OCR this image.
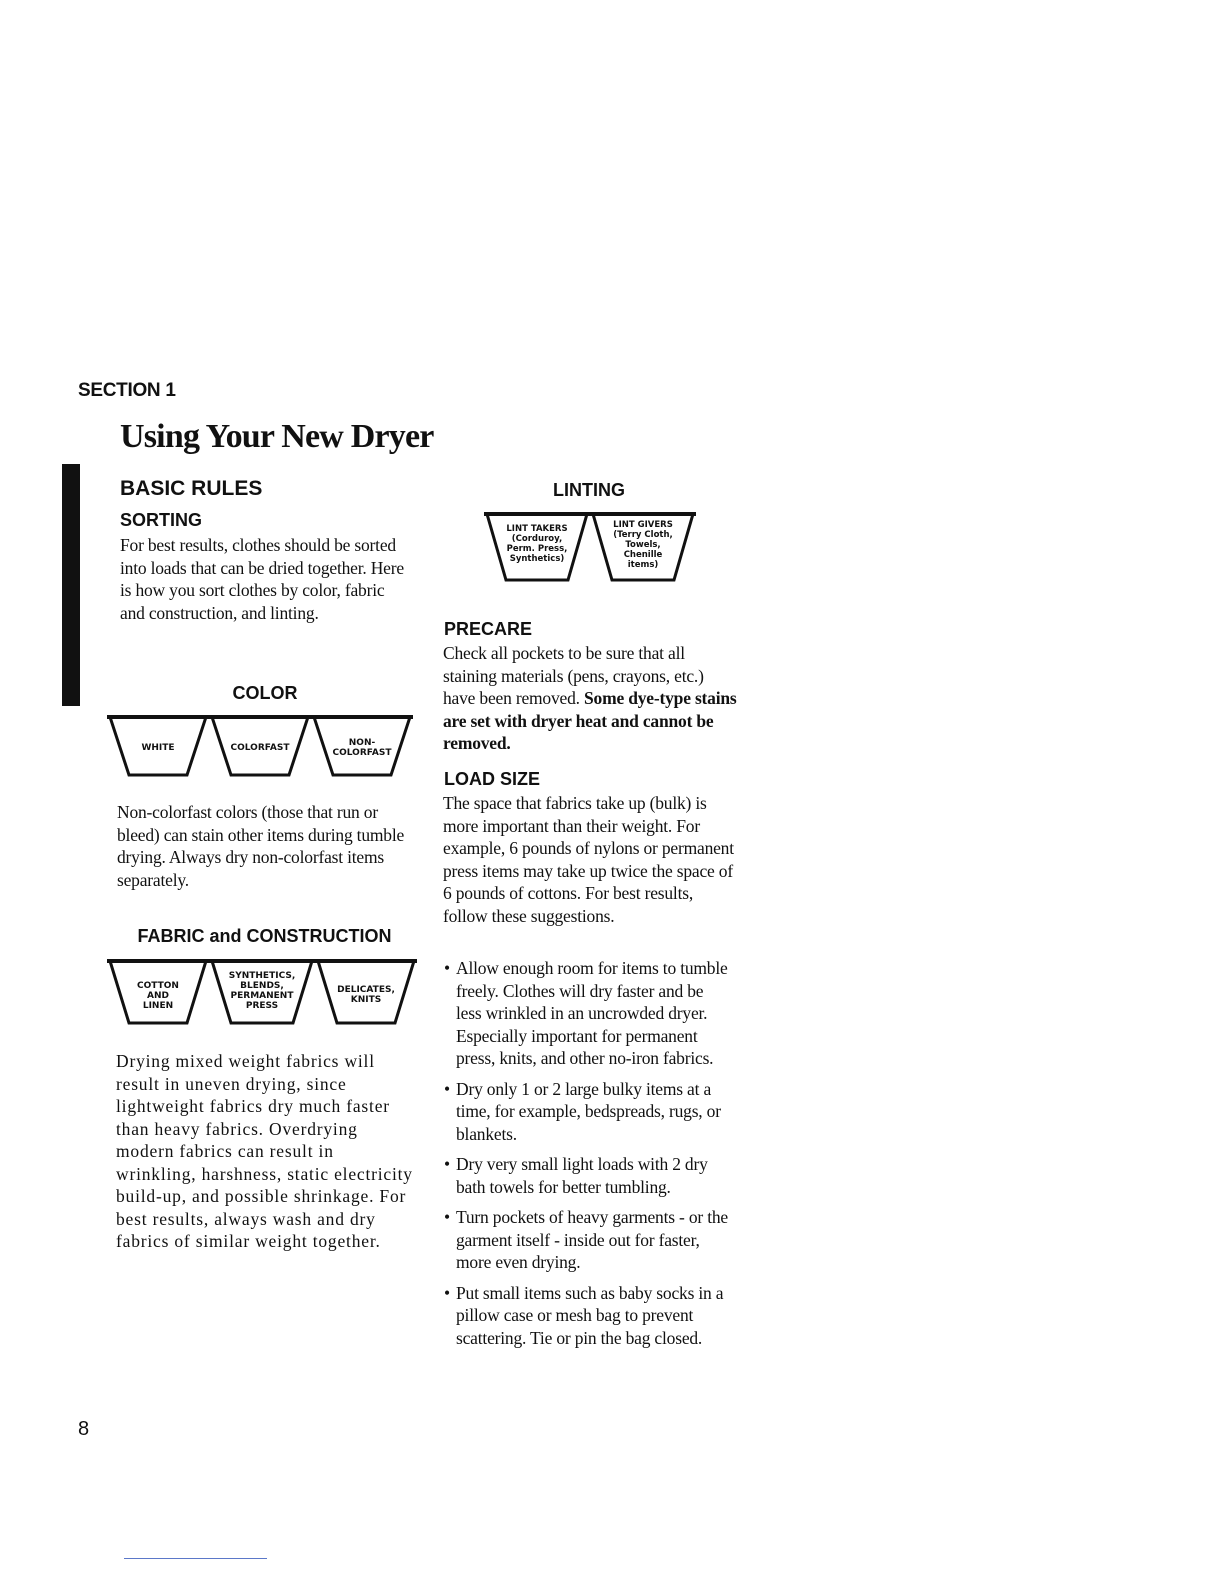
SECTION 1
Using Your New Dryer
BASIC RULES
SORTING
For best results, clothes should be sorted into loads that can be dried together. Here is how you sort clothes by color, fabric and construction, and linting.
COLOR
WHITE	COLORFAST	NON-
COLORFAST
Non-colorfast colors (those that run or bleed) can stain other items during tumble drying. Always dry non-colorfast items separately.
FABRIC and CONSTRUCTION
COTTON
AND
LINEN
SYNTHETICS,
BLENDS,
PERMANENT
PRESS
DELICATES,
KNITS
Drying mixed weight fabrics will result in uneven drying, since lightweight fabrics dry much faster than heavy fabrics. Overdrying modern fabrics can result in wrinkling, harshness, static electricity build-up, and possible shrinkage. For best results, always wash and dry fabrics of similar weight together.
LINTING
LINT TAKERS
(Corduroy,
Perm. Press,
Synthetics)
LINT GIVERS
(Terry Cloth,
Towels,
Chenille
items)
PRECARE
Check all pockets to be sure that all staining materials (pens, crayons, etc.) have been removed. Some dye-type stains are set with dryer heat and cannot be removed.
LOAD SIZE
The space that fabrics take up (bulk) is more important than their weight. For example, 6 pounds of nylons or permanent press items may take up twice the space of 6 pounds of cottons. For best results, follow these suggestions.
• Allow enough room for items to tumble freely. Clothes will dry faster and be less wrinkled in an uncrowded dryer. Especially important for permanent press, knits, and other no-iron fabrics.
• Dry only 1 or 2 large bulky items at a time, for example, bedspreads, rugs, or blankets.
• Dry very small light loads with 2 dry bath towels for better tumbling.
• Turn pockets of heavy garments - or the garment itself - inside out for faster, more even drying.
• Put small items such as baby socks in a pillow case or mesh bag to prevent scattering. Tie or pin the bag closed.
8
